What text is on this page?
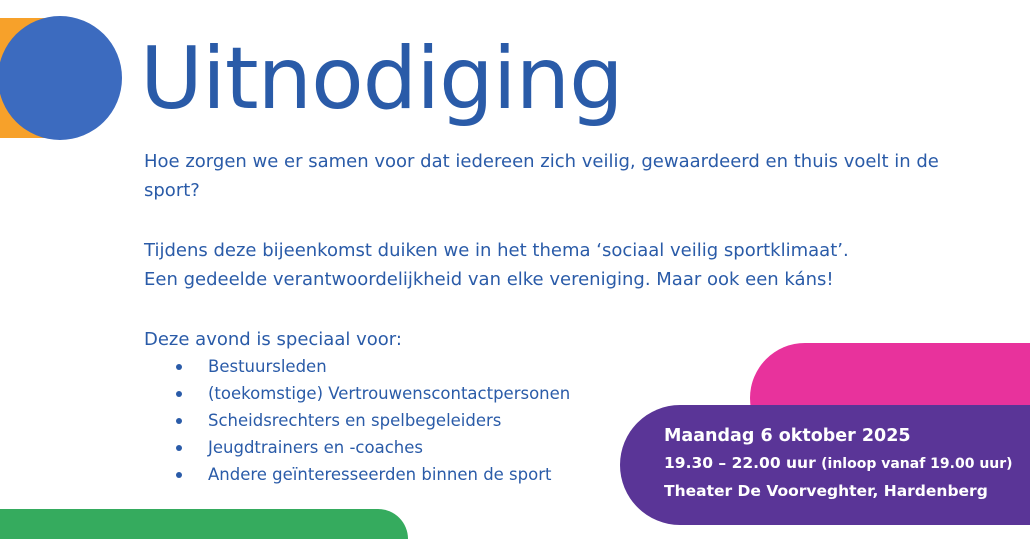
Uitnodiging

Hoe zorgen we er samen voor dat iedereen zich veilig, gewaardeerd en thuis voelt in de sport?

Tijdens deze bijeenkomst duiken we in het thema ‘sociaal veilig sportklimaat’.
Een gedeelde verantwoordelijkheid van elke vereniging. Maar ook een káns!

Deze avond is speciaal voor:

Bestuursleden
(toekomstige) Vertrouwenscontactpersonen
Scheidsrechters en spelbegeleiders
Jeugdtrainers en -coaches
Andere geïnteresseerden binnen de sport
Maandag 6 oktober 2025
19.30 – 22.00 uur (inloop vanaf 19.00 uur)
Theater De Voorveghter, Hardenberg
